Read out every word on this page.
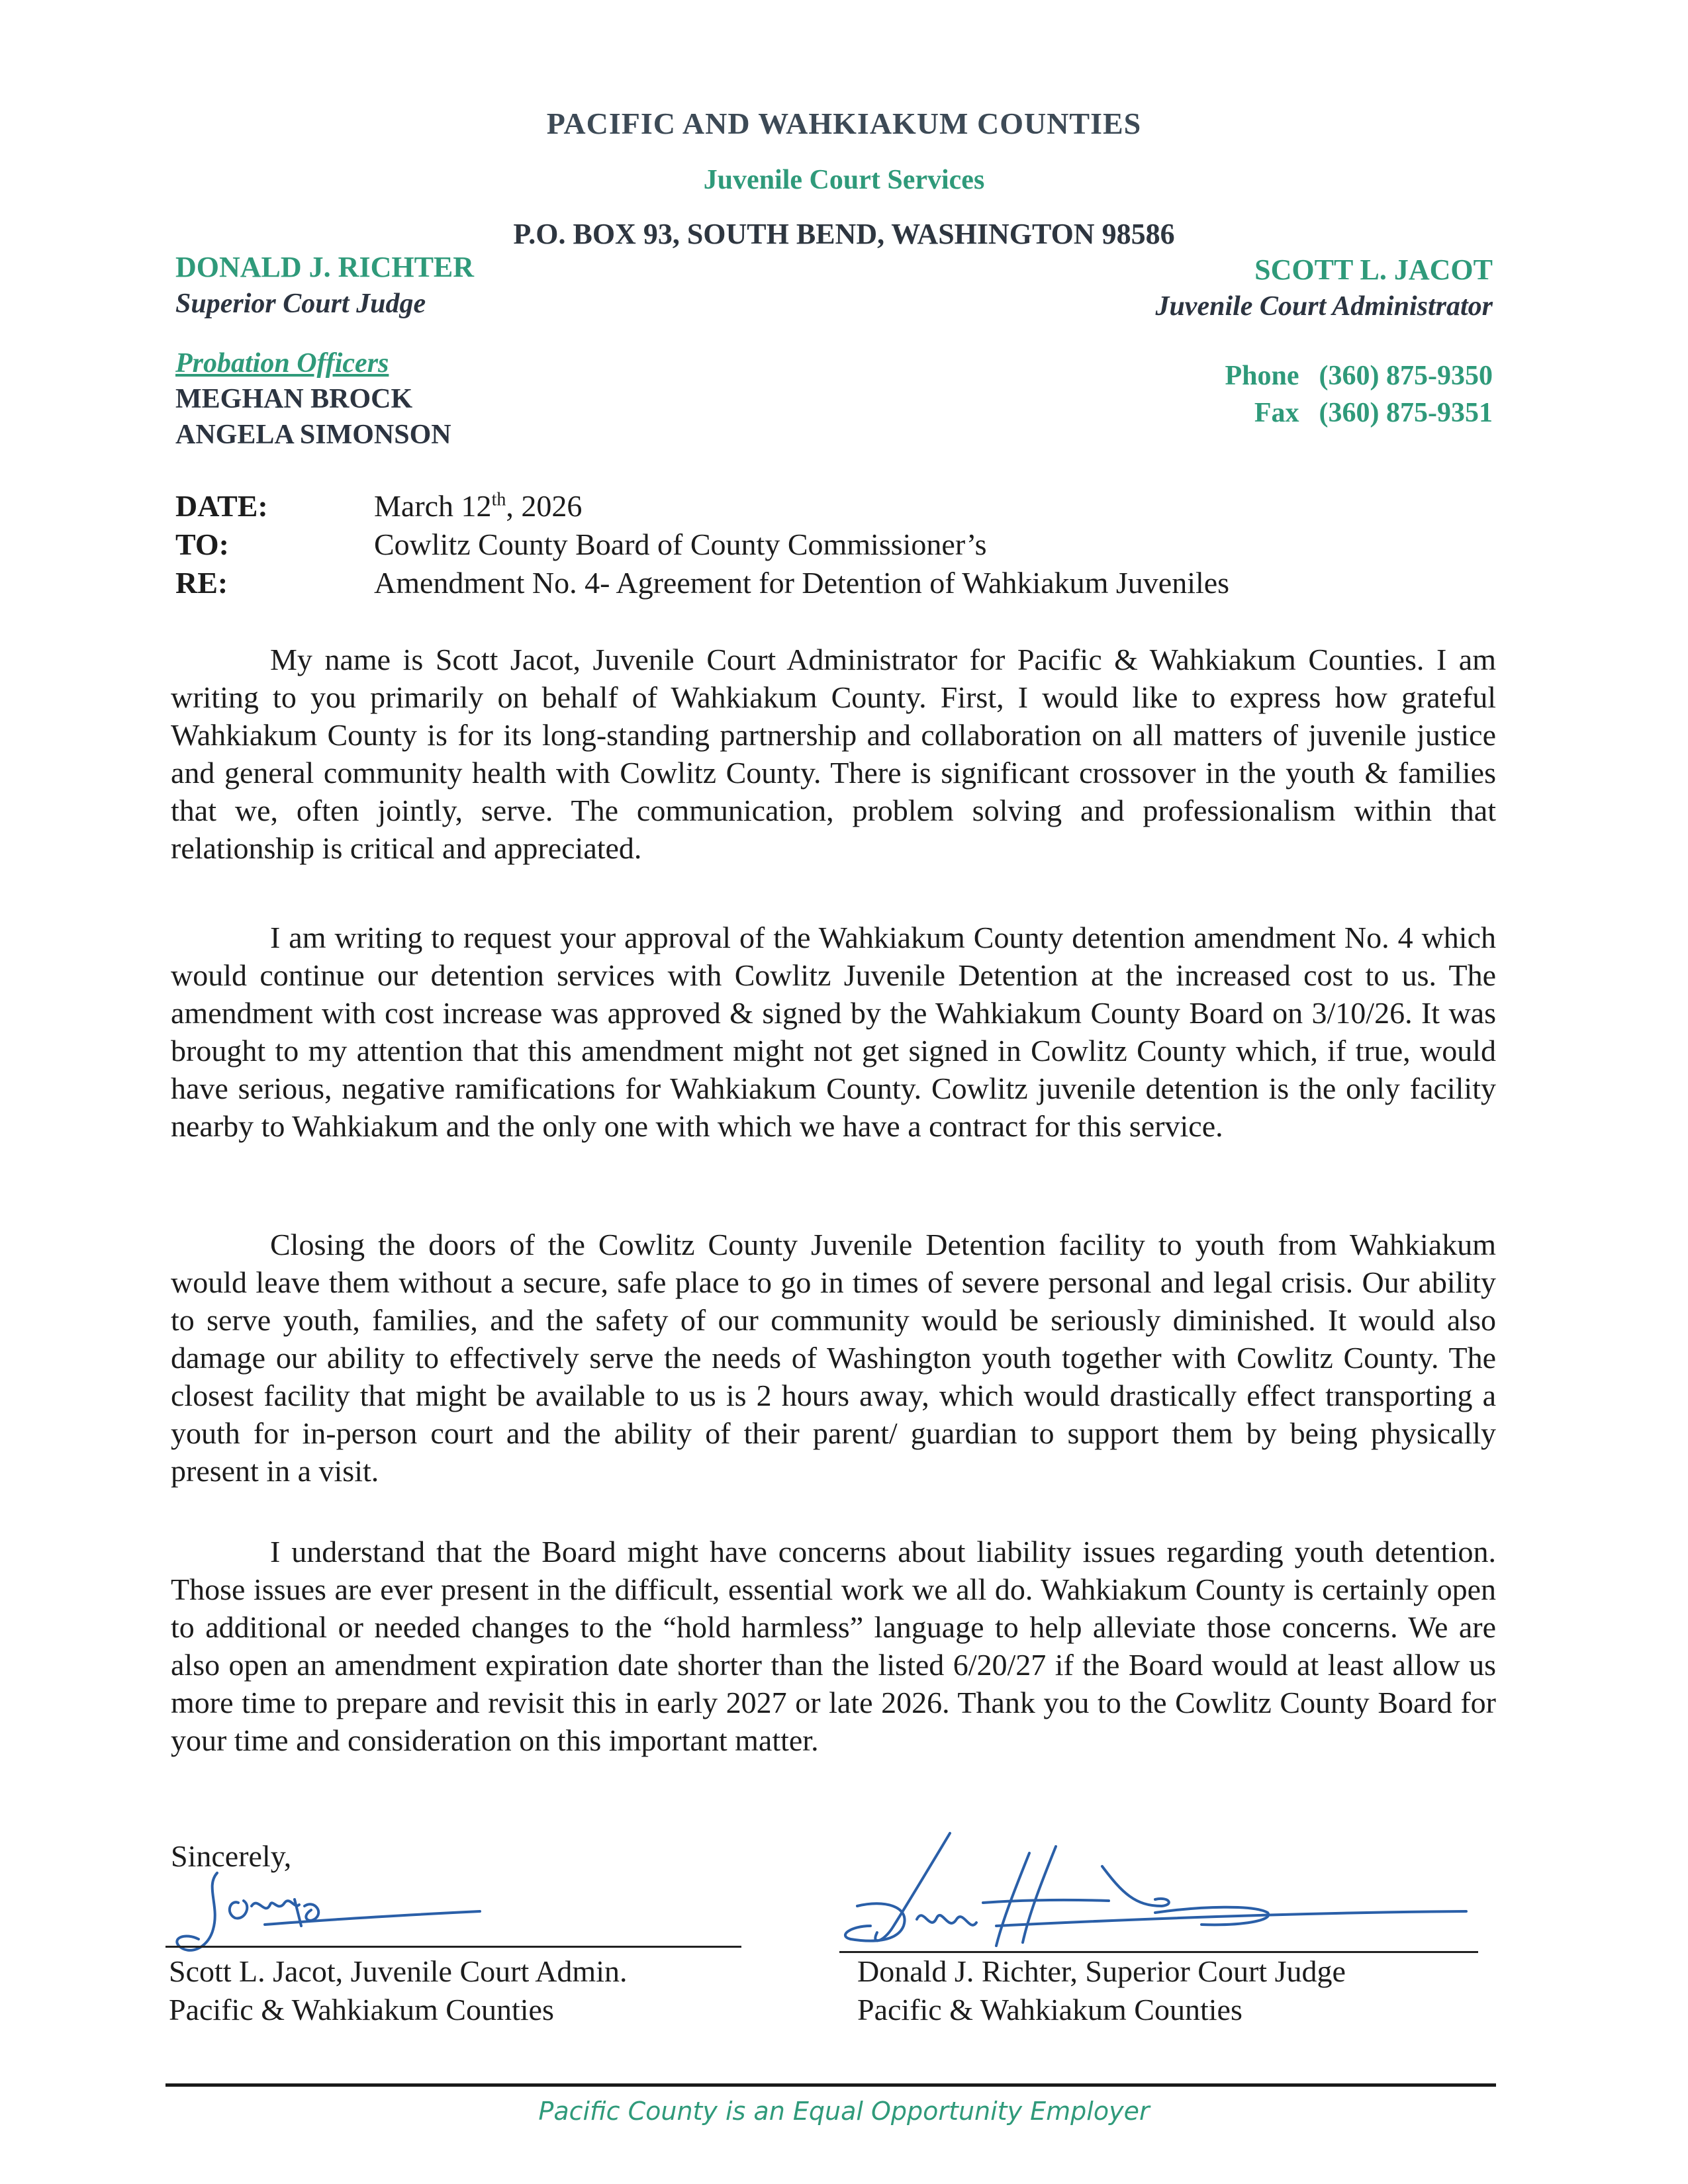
PACIFIC AND WAHKIAKUM COUNTIES
Juvenile Court Services
P.O. BOX 93, SOUTH BEND, WASHINGTON 98586
DONALD J. RICHTER
Superior Court Judge
SCOTT L. JACOT
Juvenile Court Administrator
Probation Officers
MEGHAN BROCK
ANGELA SIMONSON
Phone (360) 875-9350
Fax (360) 875-9351
DATE:	March 12th, 2026
TO:	Cowlitz County Board of County Commissioner’s
RE:	Amendment No. 4- Agreement for Detention of Wahkiakum Juveniles

My name is Scott Jacot, Juvenile Court Administrator for Pacific & Wahkiakum Counties. I am writing to you primarily on behalf of Wahkiakum County. First, I would like to express how grateful Wahkiakum County is for its long-standing partnership and collaboration on all matters of juvenile justice and general community health with Cowlitz County. There is significant crossover in the youth & families that we, often jointly, serve. The communication, problem solving and professionalism within that relationship is critical and appreciated.

I am writing to request your approval of the Wahkiakum County detention amendment No. 4 which would continue our detention services with Cowlitz Juvenile Detention at the increased cost to us. The amendment with cost increase was approved & signed by the Wahkiakum County Board on 3/10/26. It was brought to my attention that this amendment might not get signed in Cowlitz County which, if true, would have serious, negative ramifications for Wahkiakum County. Cowlitz juvenile detention is the only facility nearby to Wahkiakum and the only one with which we have a contract for this service.

Closing the doors of the Cowlitz County Juvenile Detention facility to youth from Wahkiakum would leave them without a secure, safe place to go in times of severe personal and legal crisis. Our ability to serve youth, families, and the safety of our community would be seriously diminished. It would also damage our ability to effectively serve the needs of Washington youth together with Cowlitz County. The closest facility that might be available to us is 2 hours away, which would drastically effect transporting a youth for in-person court and the ability of their parent/ guardian to support them by being physically present in a visit.

I understand that the Board might have concerns about liability issues regarding youth detention. Those issues are ever present in the difficult, essential work we all do. Wahkiakum County is certainly open to additional or needed changes to the “hold harmless” language to help alleviate those concerns. We are also open an amendment expiration date shorter than the listed 6/20/27 if the Board would at least allow us more time to prepare and revisit this in early 2027 or late 2026. Thank you to the Cowlitz County Board for your time and consideration on this important matter.

Sincerely,
Scott L. Jacot, Juvenile Court Admin.
Pacific & Wahkiakum Counties
Donald J. Richter, Superior Court Judge
Pacific & Wahkiakum Counties
Pacific County is an Equal Opportunity Employer
